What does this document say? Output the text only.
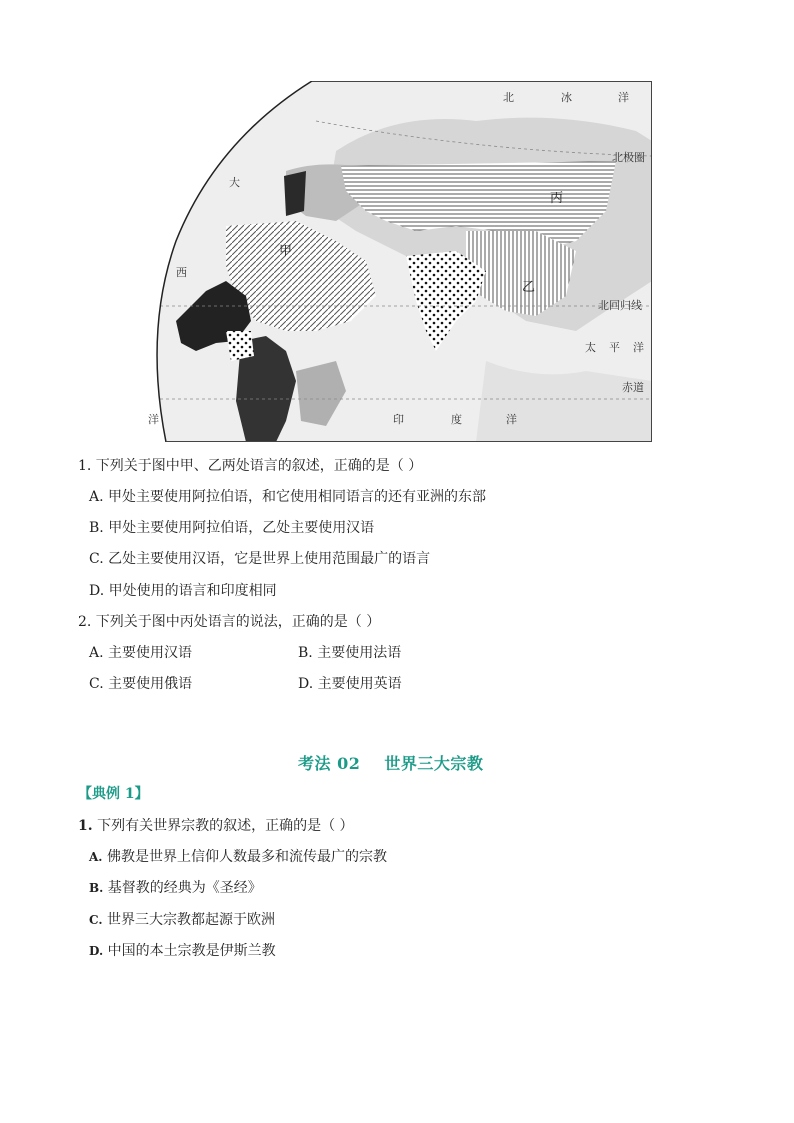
北	冰	洋
北极圈
北回归线
太 平 洋
赤道
印	度	洋
大
西
洋
甲
乙
丙
1. 下列关于图中甲、乙两处语言的叙述，正确的是（ ）
A. 甲处主要使用阿拉伯语，和它使用相同语言的还有亚洲的东部
B. 甲处主要使用阿拉伯语，乙处主要使用汉语
C. 乙处主要使用汉语，它是世界上使用范围最广的语言
D. 甲处使用的语言和印度相同
2. 下列关于图中丙处语言的说法，正确的是（ ）
A. 主要使用汉语	B. 主要使用法语
C. 主要使用俄语	D. 主要使用英语
考法 02 世界三大宗教
【典例 1】
1. 下列有关世界宗教的叙述，正确的是（ ）
A. 佛教是世界上信仰人数最多和流传最广的宗教
B. 基督教的经典为《圣经》
C. 世界三大宗教都起源于欧洲
D. 中国的本土宗教是伊斯兰教
